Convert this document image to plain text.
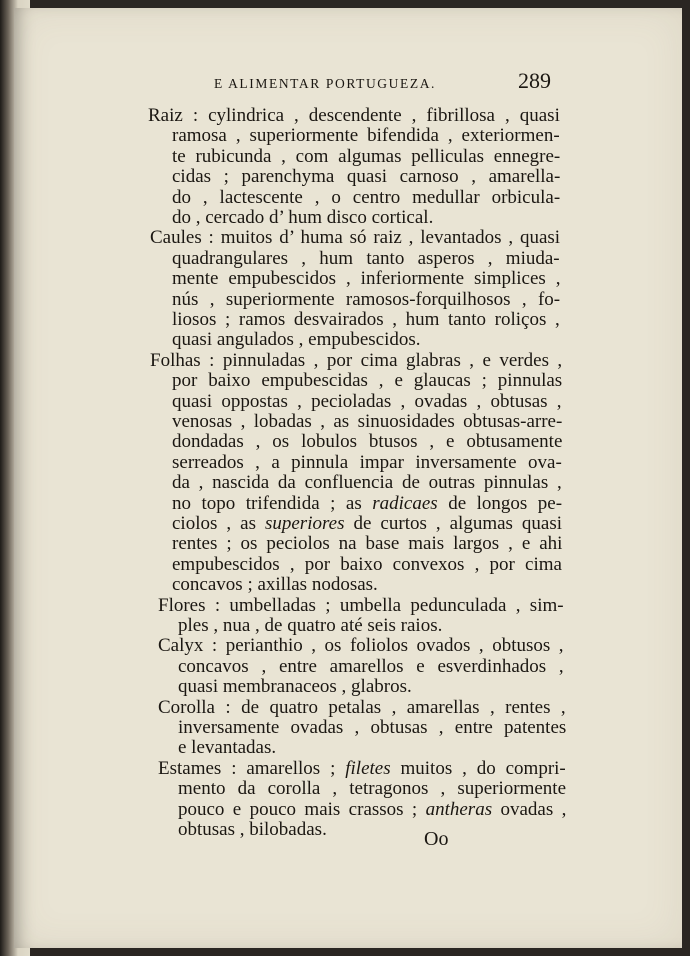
E ALIMENTAR PORTUGUEZA.	289
Raiz : cylindrica , descendente , fibrillosa , quasi
ramosa , superiormente bifendida , exteriormen-
te rubicunda , com algumas pelliculas ennegre-
cidas ; parenchyma quasi carnoso , amarella-
do , lactescente , o centro medullar orbicula-
do , cercado d’ hum disco cortical.
Caules : muitos d’ huma só raiz , levantados , quasi
quadrangulares , hum tanto asperos , miuda-
mente empubescidos , inferiormente simplices ,
nús , superiormente ramosos-forquilhosos , fo-
liosos ; ramos desvairados , hum tanto roliços ,
quasi angulados , empubescidos.
Folhas : pinnuladas , por cima glabras , e verdes ,
por baixo empubescidas , e glaucas ; pinnulas
quasi oppostas , pecioladas , ovadas , obtusas ,
venosas , lobadas , as sinuosidades obtusas-arre-
dondadas , os lobulos btusos , e obtusamente
serreados , a pinnula impar inversamente ova-
da , nascida da confluencia de outras pinnulas ,
no topo trifendida ; as radicaes de longos pe-
ciolos , as superiores de curtos , algumas quasi
rentes ; os peciolos na base mais largos , e ahi
empubescidos , por baixo convexos , por cima
concavos ; axillas nodosas.
Flores : umbelladas ; umbella pedunculada , sim-
ples , nua , de quatro até seis raios.
Calyx : perianthio , os foliolos ovados , obtusos ,
concavos , entre amarellos e esverdinhados ,
quasi membranaceos , glabros.
Corolla : de quatro petalas , amarellas , rentes ,
inversamente ovadas , obtusas , entre patentes
e levantadas.
Estames : amarellos ; filetes muitos , do compri-
mento da corolla , tetragonos , superiormente
pouco e pouco mais crassos ; antheras ovadas ,
obtusas , bilobadas.	Oo
